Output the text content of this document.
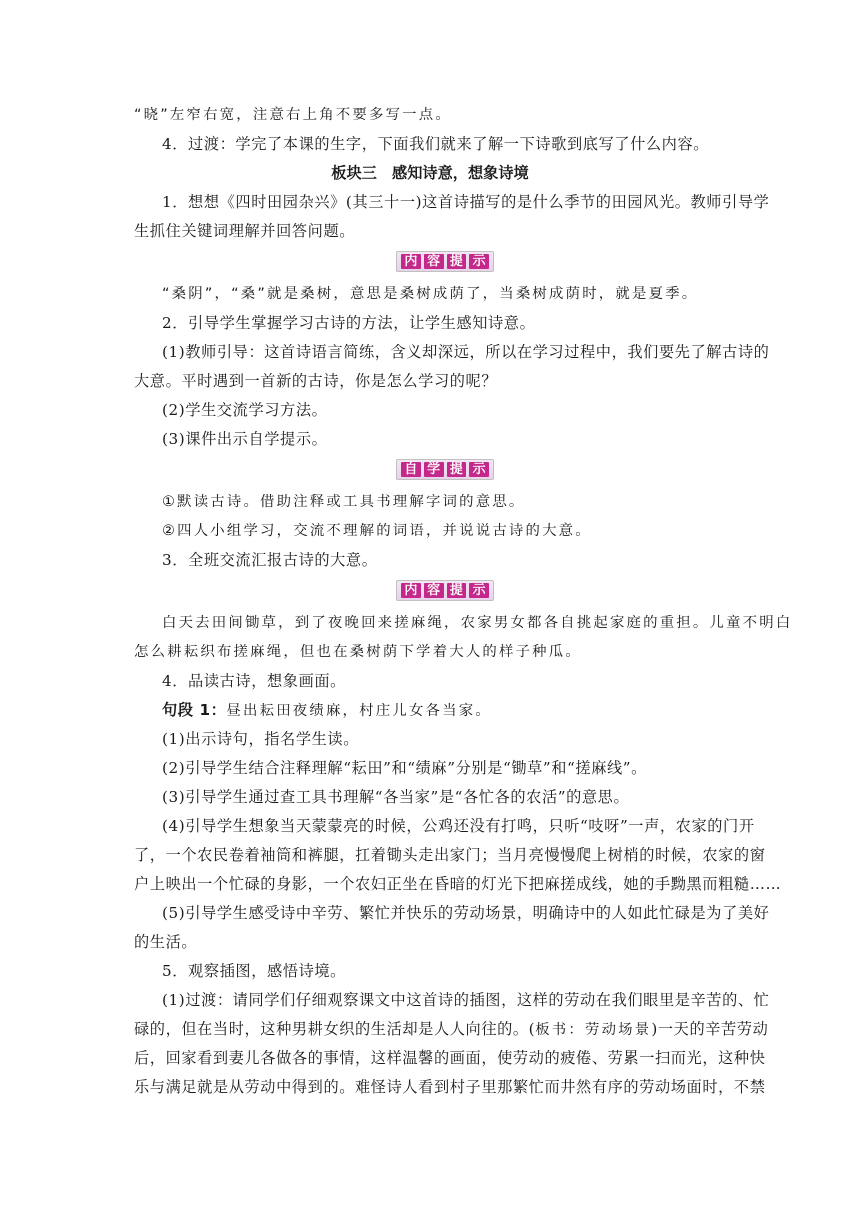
“晓”左窄右宽，注意右上角不要多写一点。
4．过渡：学完了本课的生字，下面我们就来了解一下诗歌到底写了什么内容。
板块三　感知诗意，想象诗境
1．想想《四时田园杂兴》(其三十一)这首诗描写的是什么季节的田园风光。教师引导学
生抓住关键词理解并回答问题。
内 容 提 示
“桑阴”，“桑”就是桑树，意思是桑树成荫了，当桑树成荫时，就是夏季。
2．引导学生掌握学习古诗的方法，让学生感知诗意。
(1)教师引导：这首诗语言简练，含义却深远，所以在学习过程中，我们要先了解古诗的
大意。平时遇到一首新的古诗，你是怎么学习的呢？
(2)学生交流学习方法。
(3)课件出示自学提示。
自 学 提 示
①默读古诗。借助注释或工具书理解字词的意思。
②四人小组学习，交流不理解的词语，并说说古诗的大意。
3．全班交流汇报古诗的大意。
内 容 提 示
白天去田间锄草，到了夜晚回来搓麻绳，农家男女都各自挑起家庭的重担。儿童不明白
怎么耕耘织布搓麻绳，但也在桑树荫下学着大人的样子种瓜。
4．品读古诗，想象画面。
句段 1：昼出耘田夜绩麻，村庄儿女各当家。
(1)出示诗句，指名学生读。
(2)引导学生结合注释理解“耘田”和“绩麻”分别是“锄草”和“搓麻线”。
(3)引导学生通过查工具书理解“各当家”是“各忙各的农活”的意思。
(4)引导学生想象当天蒙蒙亮的时候，公鸡还没有打鸣，只听“吱呀”一声，农家的门开
了，一个农民卷着袖筒和裤腿，扛着锄头走出家门；当月亮慢慢爬上树梢的时候，农家的窗
户上映出一个忙碌的身影，一个农妇正坐在昏暗的灯光下把麻搓成线，她的手黝黑而粗糙……
(5)引导学生感受诗中辛劳、繁忙并快乐的劳动场景，明确诗中的人如此忙碌是为了美好
的生活。
5．观察插图，感悟诗境。
(1)过渡：请同学们仔细观察课文中这首诗的插图，这样的劳动在我们眼里是辛苦的、忙
碌的，但在当时，这种男耕女织的生活却是人人向往的。(板书：劳动场景)一天的辛苦劳动
后，回家看到妻儿各做各的事情，这样温馨的画面，使劳动的疲倦、劳累一扫而光，这种快
乐与满足就是从劳动中得到的。难怪诗人看到村子里那繁忙而井然有序的劳动场面时，不禁
